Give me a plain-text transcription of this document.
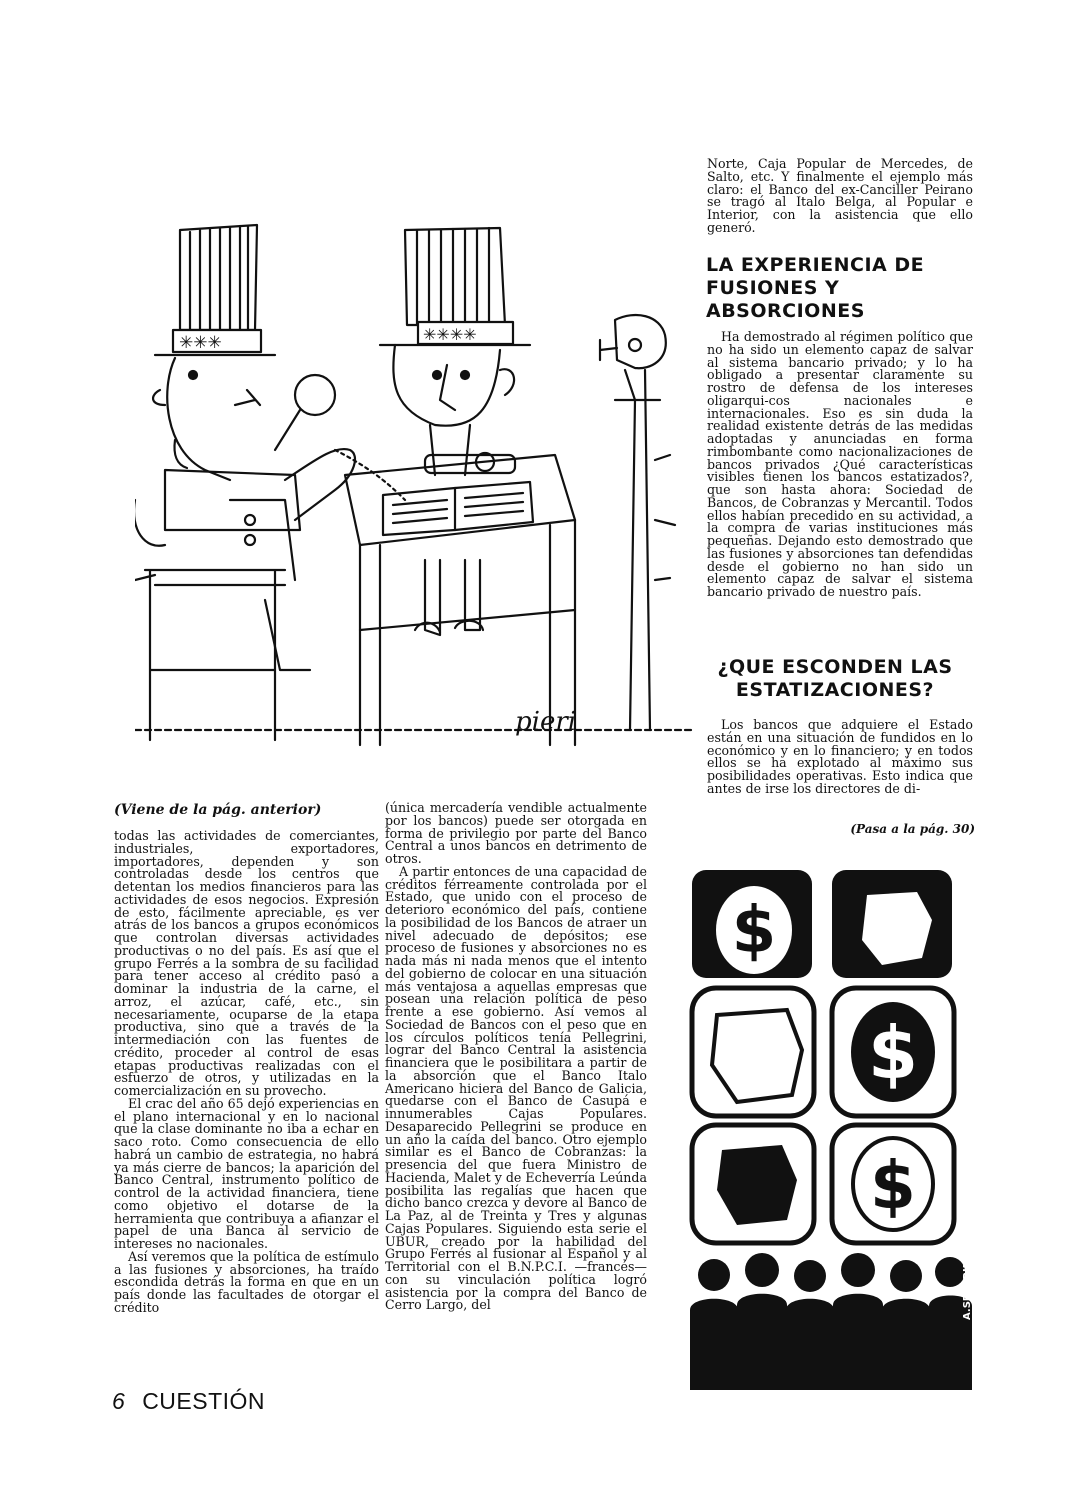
✳✳✳	✳✳✳✳
pieri

Norte, Caja Popular de Mercedes, de Salto, etc. Y finalmente el ejemplo más claro: el Banco del ex-Canciller Peirano se tragó al Italo Belga, al Popular e Interior, con la asistencia que ello generó.

LA EXPERIENCIA DE FUSIONES Y ABSORCIONES

Ha demostrado al régimen político que no ha sido un elemento capaz de salvar al sistema bancario privado; y lo ha obligado a presentar claramente su rostro de defensa de los intereses oligarqui-cos nacionales e internacionales. Eso es sin duda la realidad existente detrás de las medidas adoptadas y anunciadas en forma rimbombante como nacionalizaciones de bancos privados ¿Qué características visibles tienen los bancos estatizados?, que son hasta ahora: Sociedad de Bancos, de Cobranzas y Mercantil. Todos ellos habían precedido en su actividad, a la compra de varias instituciones más pequeñas. Dejando esto demostrado que las fusiones y absorciones tan defendidas desde el gobierno no han sido un elemento capaz de salvar el sistema bancario privado de nuestro país.

¿QUE ESCONDEN LAS ESTATIZACIONES?

Los bancos que adquiere el Estado están en una situación de fundidos en lo económico y en lo financiero; y en todos ellos se ha explotado al máximo sus posibilidades operativas. Esto indica que antes de irse los directores de di-

(Pasa a la pág. 30)
(Viene de la pág. anterior)

todas las actividades de comerciantes, industriales, exportadores, importadores, dependen y son controladas desde los centros que detentan los medios financieros para las actividades de esos negocios. Expresión de esto, fácilmente apreciable, es ver atrás de los bancos a grupos económicos que controlan diversas actividades productivas o no del país. Es así que el grupo Ferrés a la sombra de su facilidad para tener acceso al crédito pasó a dominar la industria de la carne, el arroz, el azúcar, café, etc., sin necesariamente, ocuparse de la etapa productiva, sino que a través de la intermediación con las fuentes de crédito, proceder al control de esas etapas productivas realizadas con el esfuerzo de otros, y utilizadas en la comercialización en su provecho.

El crac del año 65 dejó experiencias en el plano internacional y en lo nacional que la clase dominante no iba a echar en saco roto. Como consecuencia de ello habrá un cambio de estrategia, no habrá ya más cierre de bancos; la aparición del Banco Central, instrumento político de control de la actividad financiera, tiene como objetivo el dotarse de la herramienta que contribuya a afianzar el papel de una Banca al servicio de intereses no nacionales.

Así veremos que la política de estímulo a las fusiones y absorciones, ha traído escondida detrás la forma en que en un país donde las facultades de otorgar el crédito

(única mercadería vendible actualmente por los bancos) puede ser otorgada en forma de privilegio por parte del Banco Central a unos bancos en detrimento de otros.

A partir entonces de una capacidad de créditos férreamente controlada por el Estado, que unido con el proceso de deterioro económico del país, contiene la posibilidad de los Bancos de atraer un nivel adecuado de depósitos; ese proceso de fusiones y absorciones no es nada más ni nada menos que el intento del gobierno de colocar en una situación más ventajosa a aquellas empresas que posean una relación política de peso frente a ese gobierno. Así vemos al Sociedad de Bancos con el peso que en los círculos políticos tenía Pellegrini, lograr del Banco Central la asistencia financiera que le posibilitara a partir de la absorción que el Banco Italo Americano hiciera del Banco de Galicia, quedarse con el Banco de Casupá e innumerables Cajas Populares. Desaparecido Pellegrini se produce en un año la caída del banco. Otro ejemplo similar es el Banco de Cobranzas: la presencia del que fuera Ministro de Hacienda, Malet y de Echeverría Leúnda posibilita las regalías que hacen que dicho banco crezca y devore al Banco de La Paz, al de Treinta y Tres y algunas Cajas Populares. Siguiendo esta serie el UBUR, creado por la habilidad del Grupo Ferrés al fusionar al Español y al Territorial con el B.N.P.C.I. —francés— con su vinculación política logró asistencia por la compra del Banco de Cerro Largo, del

$
$
$
A.SEVERINO
6 CUESTIÓN
